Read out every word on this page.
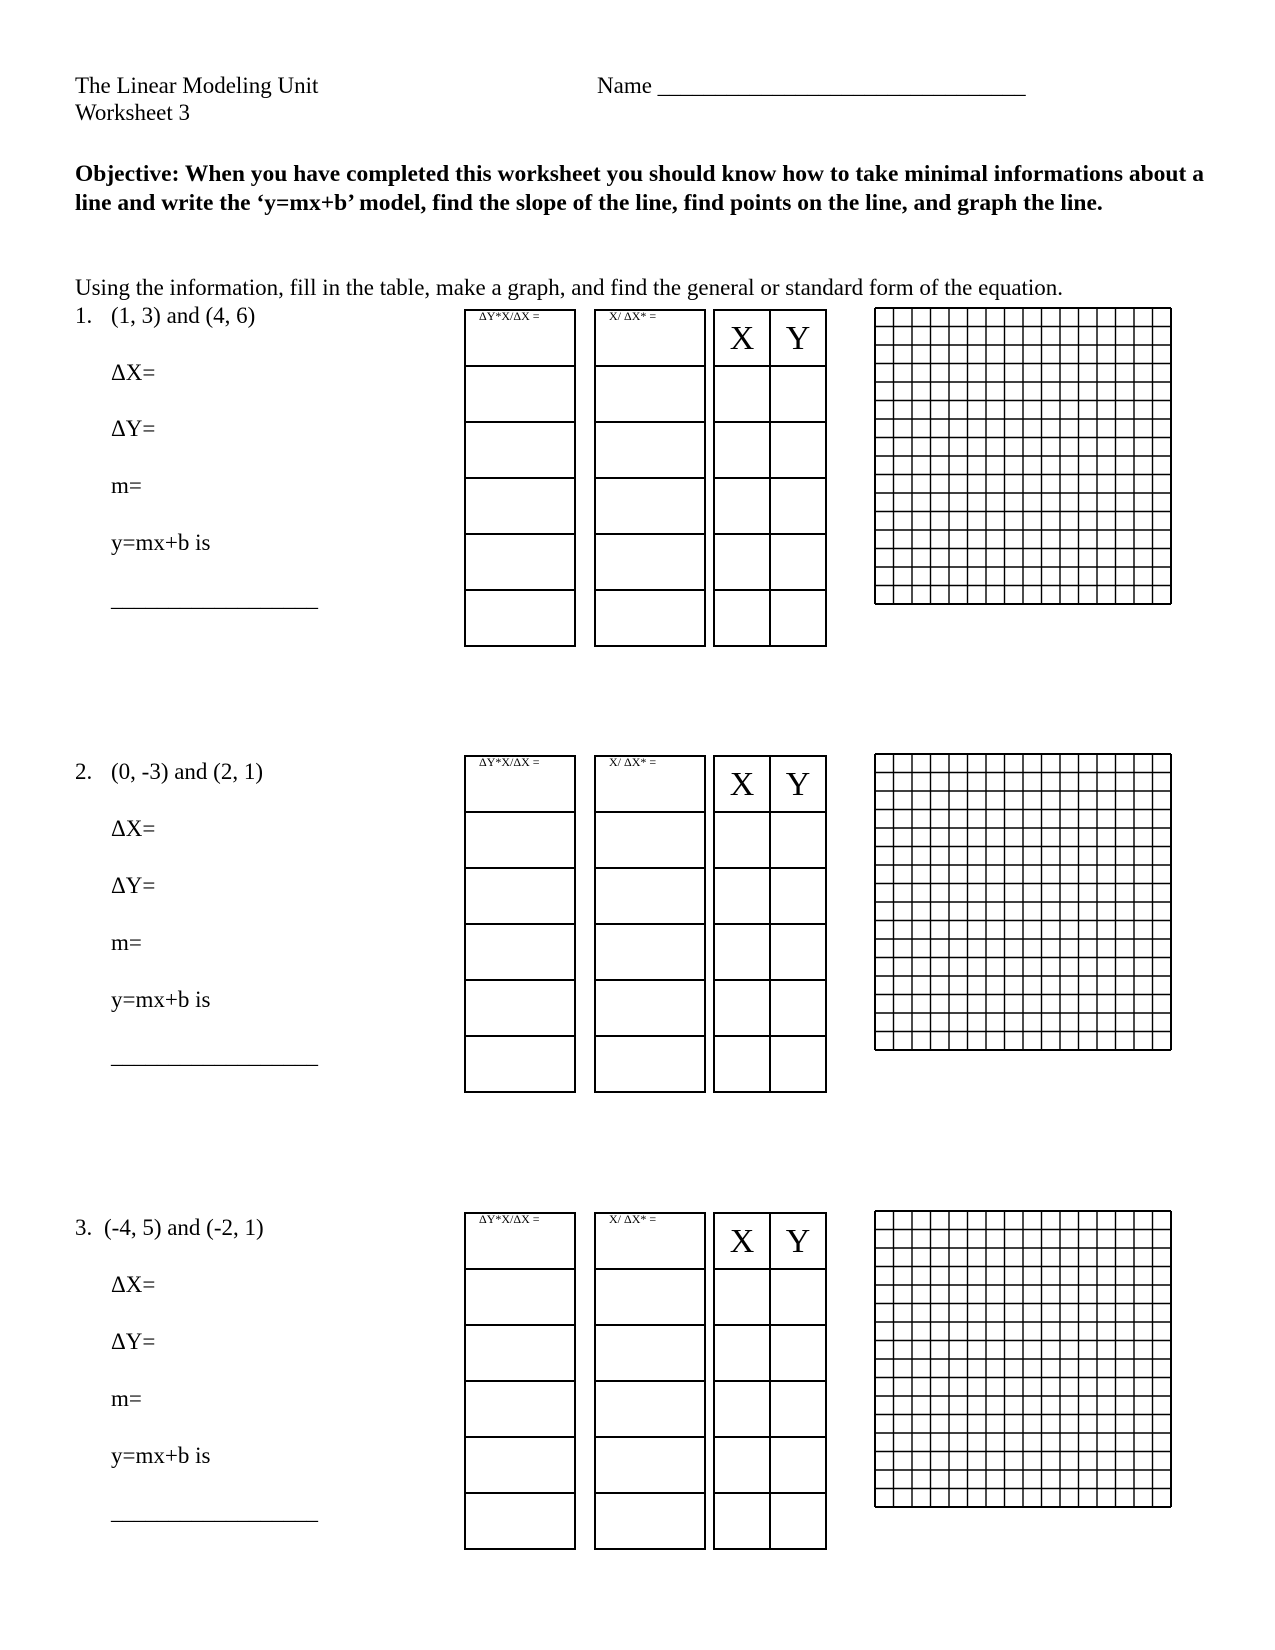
The Linear Modeling Unit
Worksheet 3
Name ________________________________
Objective: When you have completed this worksheet you should know how to take minimal informations about a line and write the ‘y=mx+b’ model, find the slope of the line, find points on the line, and graph the line.
Using the information, fill in the table, make a graph, and find the general or standard form of the equation.
1. (1, 3) and (4, 6)
ΔX=
ΔY=
m=
y=mx+b is
__________________
ΔY*X/ΔX =	X/ ΔX* =
X Y
2. (0, -3) and (2, 1)
ΔX=
ΔY=
m=
y=mx+b is
__________________
ΔY*X/ΔX =	X/ ΔX* =
X Y
3. (-4, 5) and (-2, 1)
ΔX=
ΔY=
m=
y=mx+b is
__________________
ΔY*X/ΔX =	X/ ΔX* =
X Y
